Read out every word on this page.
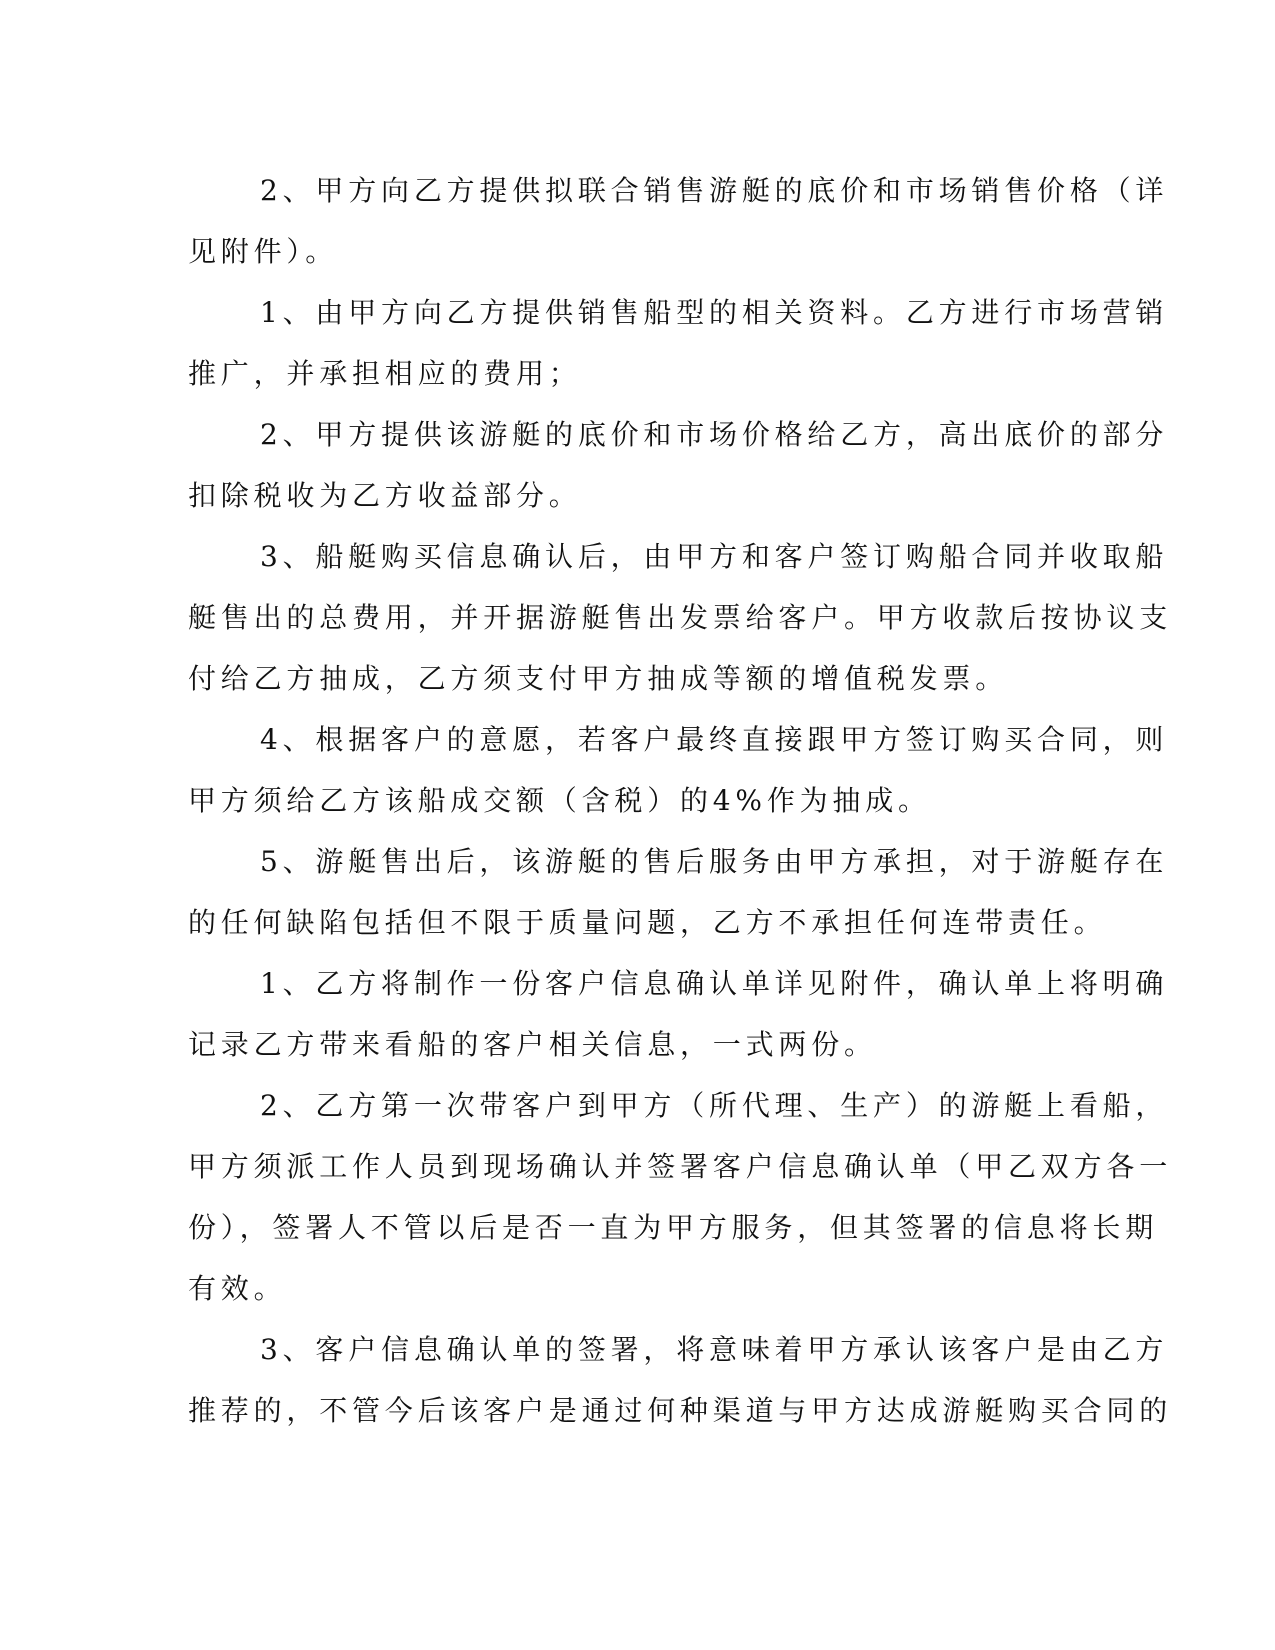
2、甲方向乙方提供拟联合销售游艇的底价和市场销售价格（详
见附件）。
1、由甲方向乙方提供销售船型的相关资料。乙方进行市场营销
推广，并承担相应的费用；
2、甲方提供该游艇的底价和市场价格给乙方，高出底价的部分
扣除税收为乙方收益部分。
3、船艇购买信息确认后，由甲方和客户签订购船合同并收取船
艇售出的总费用，并开据游艇售出发票给客户。甲方收款后按协议支
付给乙方抽成，乙方须支付甲方抽成等额的增值税发票。
4、根据客户的意愿，若客户最终直接跟甲方签订购买合同，则
甲方须给乙方该船成交额（含税）的4%作为抽成。
5、游艇售出后，该游艇的售后服务由甲方承担，对于游艇存在
的任何缺陷包括但不限于质量问题，乙方不承担任何连带责任。
1、乙方将制作一份客户信息确认单详见附件，确认单上将明确
记录乙方带来看船的客户相关信息，一式两份。
2、乙方第一次带客户到甲方（所代理、生产）的游艇上看船，
甲方须派工作人员到现场确认并签署客户信息确认单（甲乙双方各一
份），签署人不管以后是否一直为甲方服务，但其签署的信息将长期
有效。
3、客户信息确认单的签署，将意味着甲方承认该客户是由乙方
推荐的，不管今后该客户是通过何种渠道与甲方达成游艇购买合同的
